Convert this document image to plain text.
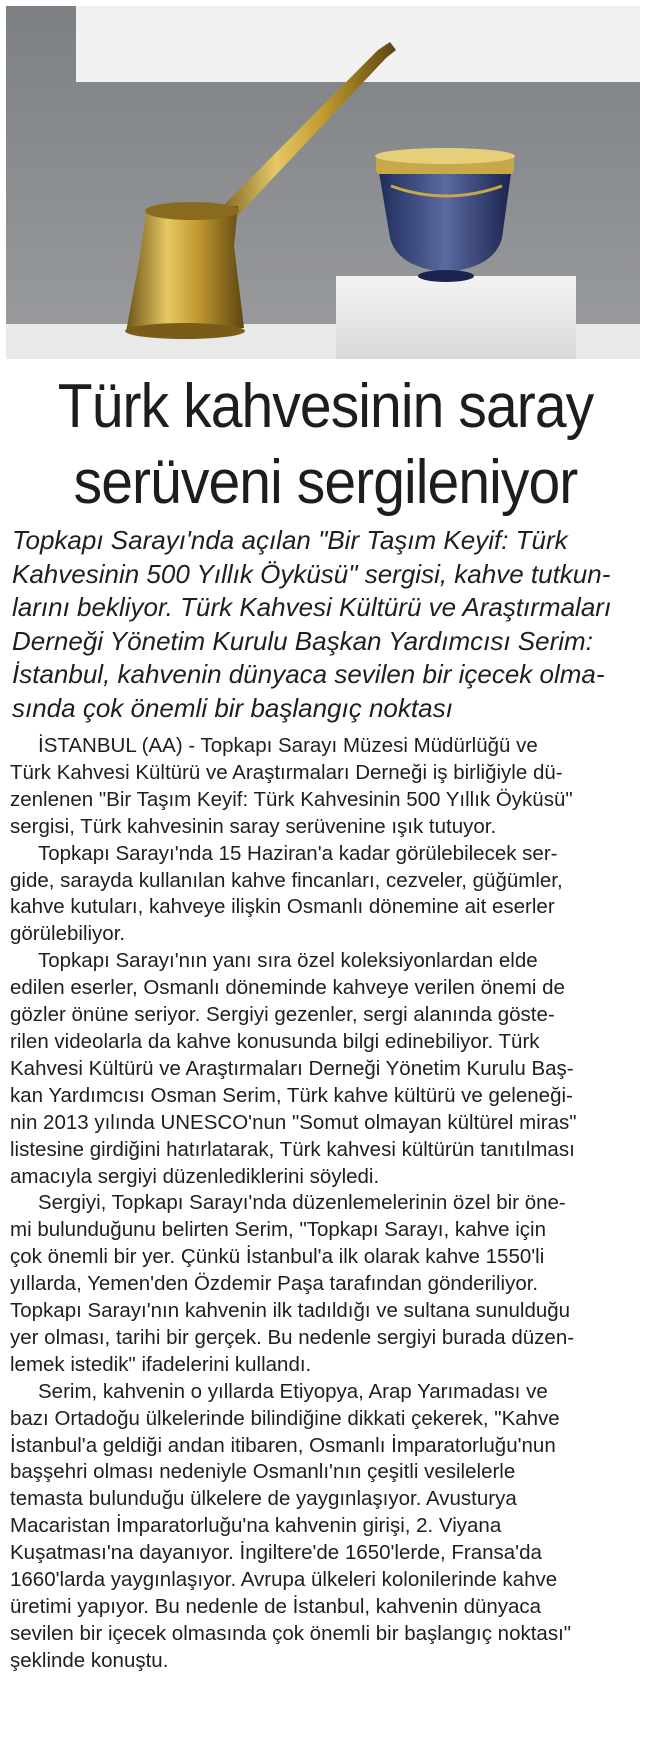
Türk kahvesinin saray
serüveni sergileniyor
Topkapı Sarayı'nda açılan "Bir Taşım Keyif: Türk
Kahvesinin 500 Yıllık Öyküsü" sergisi, kahve tutkun-
larını bekliyor. Türk Kahvesi Kültürü ve Araştırmaları
Derneği Yönetim Kurulu Başkan Yardımcısı Serim:
İstanbul, kahvenin dünyaca sevilen bir içecek olma-
sında çok önemli bir başlangıç noktası
İSTANBUL (AA) - Topkapı Sarayı Müzesi Müdürlüğü ve
Türk Kahvesi Kültürü ve Araştırmaları Derneği iş birliğiyle dü-
zenlenen "Bir Taşım Keyif: Türk Kahvesinin 500 Yıllık Öyküsü"
sergisi, Türk kahvesinin saray serüvenine ışık tutuyor.
Topkapı Sarayı'nda 15 Haziran'a kadar görülebilecek ser-
gide, sarayda kullanılan kahve fincanları, cezveler, güğümler,
kahve kutuları, kahveye ilişkin Osmanlı dönemine ait eserler
görülebiliyor.
Topkapı Sarayı'nın yanı sıra özel koleksiyonlardan elde
edilen eserler, Osmanlı döneminde kahveye verilen önemi de
gözler önüne seriyor. Sergiyi gezenler, sergi alanında göste-
rilen videolarla da kahve konusunda bilgi edinebiliyor. Türk
Kahvesi Kültürü ve Araştırmaları Derneği Yönetim Kurulu Baş-
kan Yardımcısı Osman Serim, Türk kahve kültürü ve geleneği-
nin 2013 yılında UNESCO'nun "Somut olmayan kültürel miras"
listesine girdiğini hatırlatarak, Türk kahvesi kültürün tanıtılması
amacıyla sergiyi düzenlediklerini söyledi.
Sergiyi, Topkapı Sarayı'nda düzenlemelerinin özel bir öne-
mi bulunduğunu belirten Serim, "Topkapı Sarayı, kahve için
çok önemli bir yer. Çünkü İstanbul'a ilk olarak kahve 1550'li
yıllarda, Yemen'den Özdemir Paşa tarafından gönderiliyor.
Topkapı Sarayı'nın kahvenin ilk tadıldığı ve sultana sunulduğu
yer olması, tarihi bir gerçek. Bu nedenle sergiyi burada düzen-
lemek istedik" ifadelerini kullandı.
Serim, kahvenin o yıllarda Etiyopya, Arap Yarımadası ve
bazı Ortadoğu ülkelerinde bilindiğine dikkati çekerek, "Kahve
İstanbul'a geldiği andan itibaren, Osmanlı İmparatorluğu'nun
başşehri olması nedeniyle Osmanlı'nın çeşitli vesilelerle
temasta bulunduğu ülkelere de yaygınlaşıyor. Avusturya
Macaristan İmparatorluğu'na kahvenin girişi, 2. Viyana
Kuşatması'na dayanıyor. İngiltere'de 1650'lerde, Fransa'da
1660'larda yaygınlaşıyor. Avrupa ülkeleri kolonilerinde kahve
üretimi yapıyor. Bu nedenle de İstanbul, kahvenin dünyaca
sevilen bir içecek olmasında çok önemli bir başlangıç noktası"
şeklinde konuştu.
